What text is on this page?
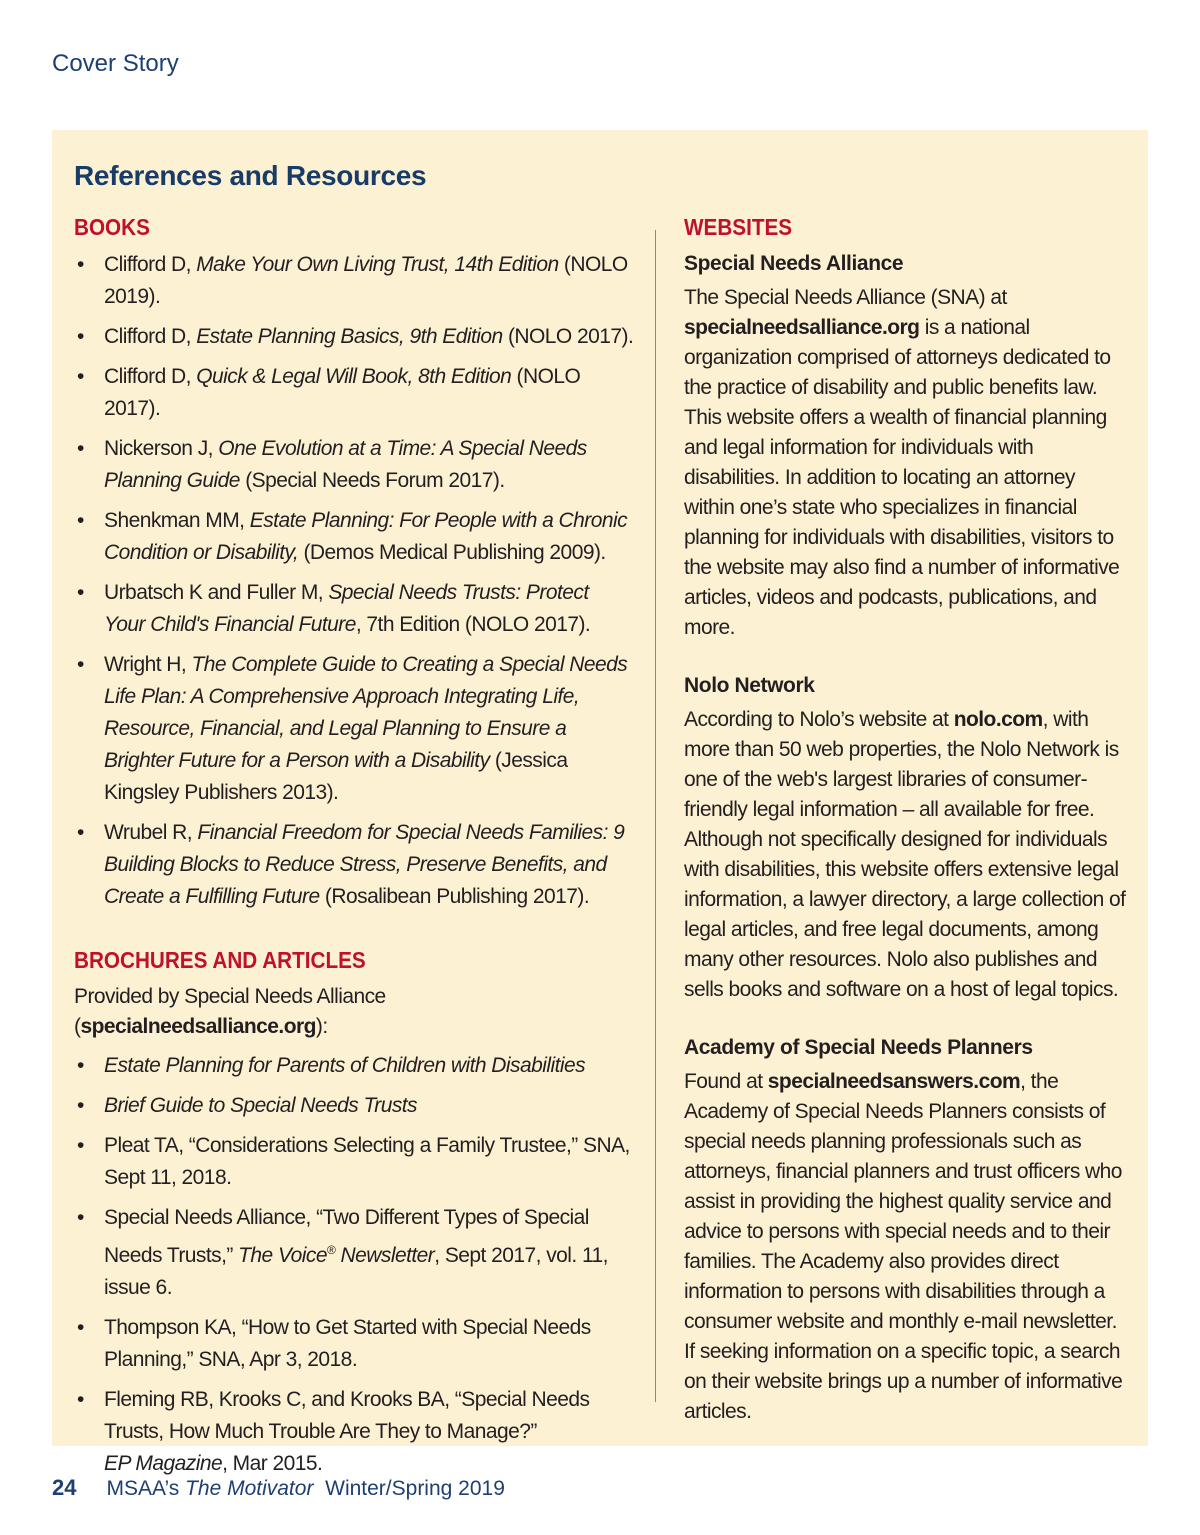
Cover Story
References and Resources
BOOKS
• Clifford D, Make Your Own Living Trust, 14th Edition (NOLO 2019).
• Clifford D, Estate Planning Basics, 9th Edition (NOLO 2017).
• Clifford D, Quick & Legal Will Book, 8th Edition (NOLO 2017).
• Nickerson J, One Evolution at a Time: A Special Needs Planning Guide (Special Needs Forum 2017).
• Shenkman MM, Estate Planning: For People with a Chronic Condition or Disability, (Demos Medical Publishing 2009).
• Urbatsch K and Fuller M, Special Needs Trusts: Protect Your Child's Financial Future, 7th Edition (NOLO 2017).
• Wright H, The Complete Guide to Creating a Special Needs Life Plan: A Comprehensive Approach Integrating Life, Resource, Financial, and Legal Planning to Ensure a Brighter Future for a Person with a Disability (Jessica Kingsley Publishers 2013).
• Wrubel R, Financial Freedom for Special Needs Families: 9 Building Blocks to Reduce Stress, Preserve Benefits, and Create a Fulfilling Future (Rosalibean Publishing 2017).
BROCHURES AND ARTICLES

Provided by Special Needs Alliance (specialneedsalliance.org):

• Estate Planning for Parents of Children with Disabilities
• Brief Guide to Special Needs Trusts
• Pleat TA, “Considerations Selecting a Family Trustee,” SNA, Sept 11, 2018.
• Special Needs Alliance, “Two Different Types of Special Needs Trusts,” The Voice® Newsletter, Sept 2017, vol. 11, issue 6.
• Thompson KA, “How to Get Started with Special Needs Planning,” SNA, Apr 3, 2018.
• Fleming RB, Krooks C, and Krooks BA, “Special Needs Trusts, How Much Trouble Are They to Manage?”
EP Magazine, Mar 2015.
WEBSITES

Special Needs Alliance

The Special Needs Alliance (SNA) at specialneedsalliance.org is a national organization comprised of attorneys dedicated to the practice of disability and public benefits law. This website offers a wealth of financial planning and legal information for individuals with disabilities. In addition to locating an attorney within one’s state who specializes in financial planning for individuals with disabilities, visitors to the website may also find a number of informative articles, videos and podcasts, publications, and more.

Nolo Network

According to Nolo’s website at nolo.com, with more than 50 web properties, the Nolo Network is one of the web's largest libraries of consumer-friendly legal information – all available for free. Although not specifically designed for individuals with disabilities, this website offers extensive legal information, a lawyer directory, a large collection of legal articles, and free legal documents, among many other resources. Nolo also publishes and sells books and software on a host of legal topics.

Academy of Special Needs Planners

Found at specialneedsanswers.com, the Academy of Special Needs Planners consists of special needs planning professionals such as attorneys, financial planners and trust officers who assist in providing the highest quality service and advice to persons with special needs and to their families. The Academy also provides direct information to persons with disabilities through a consumer website and monthly e-mail newsletter. If seeking information on a specific topic, a search on their website brings up a number of informative articles.

24 MSAA’s The Motivator Winter/Spring 2019
